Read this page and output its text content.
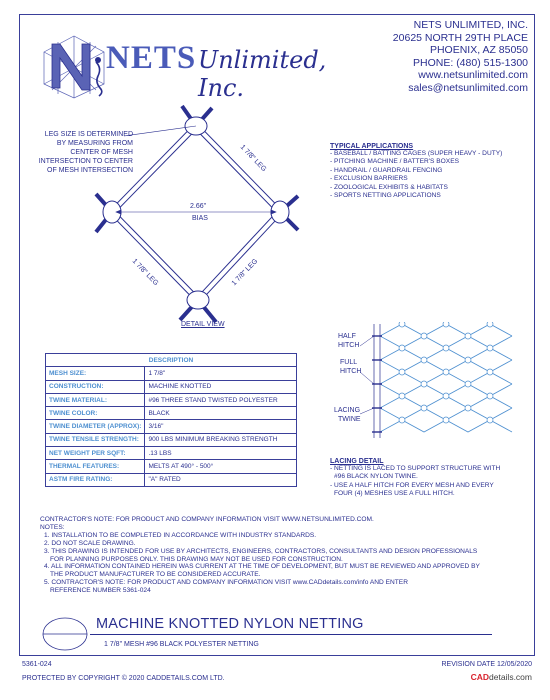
NETS Unlimited, Inc.
NETS UNLIMITED, INC.
20625 NORTH 29TH PLACE
PHOENIX, AZ 85050
PHONE: (480) 515-1300
www.netsunlimited.com
sales@netsunlimited.com
LEG SIZE IS DETERMINED
BY MEASURING FROM
CENTER OF MESH
INTERSECTION TO CENTER
OF MESH INTERSECTION	1 7/8" LEG
1 7/8" LEG	1 7/8" LEG
2.66"
BIAS
DETAIL VIEW
TYPICAL APPLICATIONS
- BASEBALL / BATTING CAGES (SUPER HEAVY - DUTY)
- PITCHING MACHINE / BATTER'S BOXES
- HANDRAIL / GUARDRAIL FENCING
- EXCLUSION BARRIERS
- ZOOLOGICAL EXHIBITS & HABITATS
- SPORTS NETTING APPLICATIONS
DESCRIPTION	
MESH SIZE:	1 7/8"
CONSTRUCTION:	MACHINE KNOTTED
TWINE MATERIAL:	#96 THREE STAND TWISTED POLYESTER
TWINE COLOR:	BLACK
TWINE DIAMETER (APPROX):	3/16"
TWINE TENSILE STRENGTH:	900 LBS MINIMUM BREAKING STRENGTH
NET WEIGHT PER SQFT:	.13 LBS
THERMAL FEATURES:	MELTS AT 490° - 500°
ASTM FIRE RATING:	"A" RATED
HALF
HITCH
FULL
HITCH
LACING
TWINE
LACING DETAIL
- NETTING IS LACED TO SUPPORT STRUCTURE WITH
#96 BLACK NYLON TWINE.
- USE A HALF HITCH FOR EVERY MESH AND EVERY
FOUR (4) MESHES USE A FULL HITCH.
CONTRACTOR'S NOTE: FOR PRODUCT AND COMPANY INFORMATION VISIT WWW.NETSUNLIMITED.COM.
NOTES:
1. INSTALLATION TO BE COMPLETED IN ACCORDANCE WITH INDUSTRY STANDARDS.
2. DO NOT SCALE DRAWING.
3. THIS DRAWING IS INTENDED FOR USE BY ARCHITECTS, ENGINEERS, CONTRACTORS, CONSULTANTS AND DESIGN PROFESSIONALS
FOR PLANNING PURPOSES ONLY. THIS DRAWING MAY NOT BE USED FOR CONSTRUCTION.
4. ALL INFORMATION CONTAINED HEREIN WAS CURRENT AT THE TIME OF DEVELOPMENT, BUT MUST BE REVIEWED AND APPROVED BY
THE PRODUCT MANUFACTURER TO BE CONSIDERED ACCURATE.
5. CONTRACTOR'S NOTE: FOR PRODUCT AND COMPANY INFORMATION VISIT www.CADdetails.com/info AND ENTER
REFERENCE NUMBER 5361-024
MACHINE KNOTTED NYLON NETTING
1 7/8" MESH #96 BLACK POLYESTER NETTING
5361-024	REVISION DATE 12/05/2020
PROTECTED BY COPYRIGHT © 2020 CADDETAILS.COM LTD.	CADdetails.com
